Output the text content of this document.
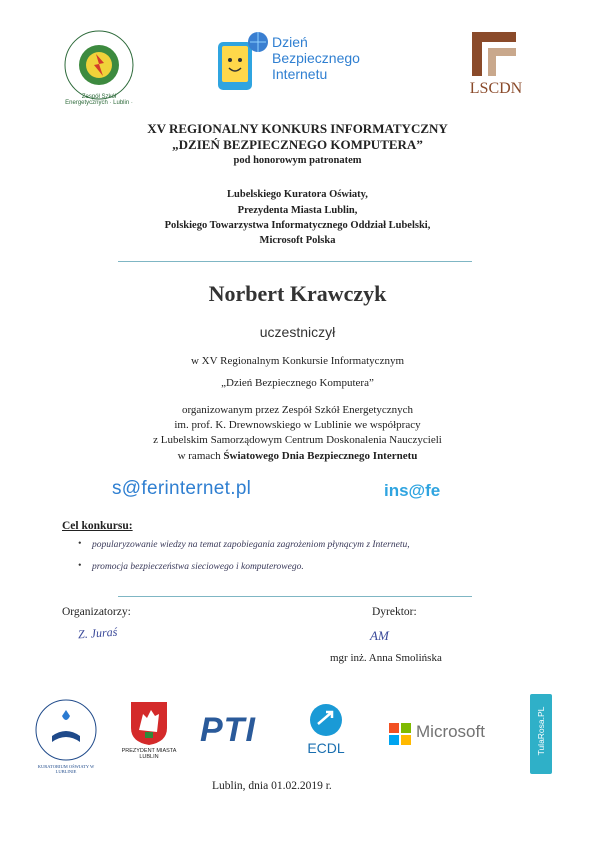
Zespół Szkół Energetycznych · Lublin ·
Dzień
Bezpiecznego
Internetu
LSCDN
XV REGIONALNY KONKURS INFORMATYCZNY
„DZIEŃ BEZPIECZNEGO KOMPUTERA”
pod honorowym patronatem
Lubelskiego Kuratora Oświaty,
Prezydenta Miasta Lublin,
Polskiego Towarzystwa Informatycznego Oddział Lubelski,
Microsoft Polska
Norbert Krawczyk
uczestniczył
w XV Regionalnym Konkursie Informatycznym
„Dzień Bezpiecznego Komputera”
organizowanym przez Zespół Szkół Energetycznych
im. prof. K. Drewnowskiego w Lublinie we współpracy
z Lubelskim Samorządowym Centrum Doskonalenia Nauczycieli
w ramach Światowego Dnia Bezpiecznego Internetu
s@ferinternet.pl	ins@fe
Cel konkursu:
• popularyzowanie wiedzy na temat zapobiegania zagrożeniom płynącym z Internetu,
• promocja bezpieczeństwa sieciowego i komputerowego.
Organizatorzy:
Z. Juraś
Dyrektor:
AM
mgr inż. Anna Smolińska
KURATORIUM OŚWIATY W LUBLINIE
PREZYDENT MIASTA LUBLIN
PTI	ECDL
Microsoft	TulaRosa.PL
Lublin, dnia 01.02.2019 r.
